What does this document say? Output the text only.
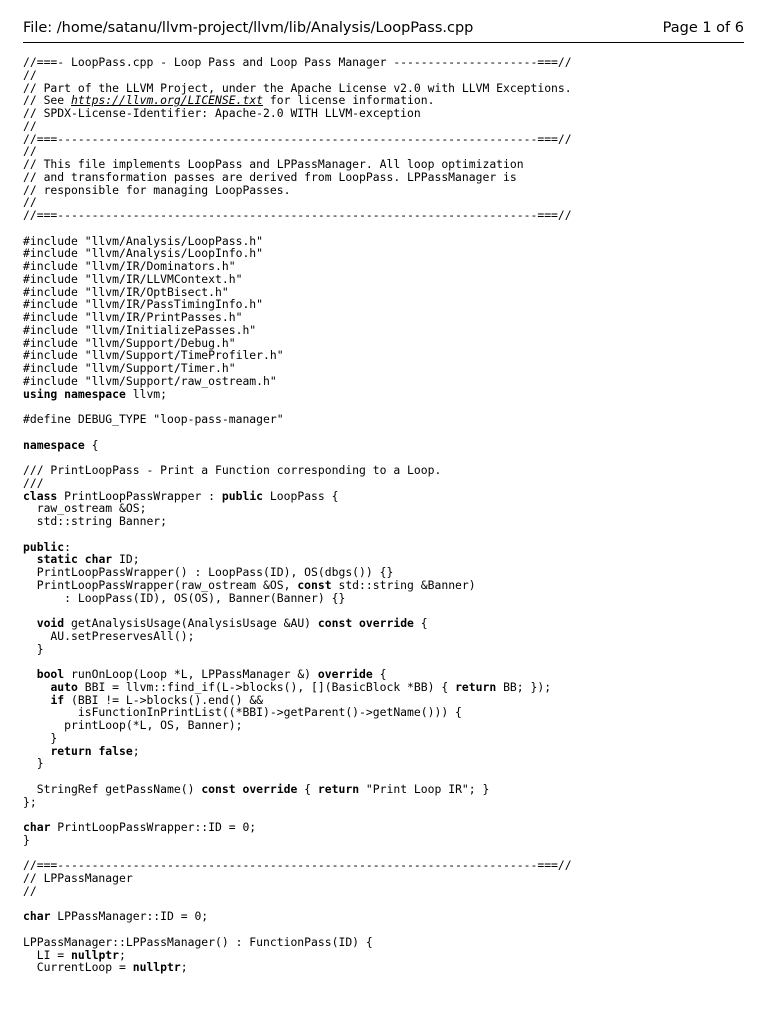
File: /home/satanu/llvm-project/llvm/lib/Analysis/LoopPass.cpp	Page 1 of 6
//===- LoopPass.cpp - Loop Pass and Loop Pass Manager ---------------------===//
//
// Part of the LLVM Project, under the Apache License v2.0 with LLVM Exceptions.
// See https://llvm.org/LICENSE.txt for license information.
// SPDX-License-Identifier: Apache-2.0 WITH LLVM-exception
//
//===----------------------------------------------------------------------===//
//
// This file implements LoopPass and LPPassManager. All loop optimization
// and transformation passes are derived from LoopPass. LPPassManager is
// responsible for managing LoopPasses.
//
//===----------------------------------------------------------------------===//

#include "llvm/Analysis/LoopPass.h"
#include "llvm/Analysis/LoopInfo.h"
#include "llvm/IR/Dominators.h"
#include "llvm/IR/LLVMContext.h"
#include "llvm/IR/OptBisect.h"
#include "llvm/IR/PassTimingInfo.h"
#include "llvm/IR/PrintPasses.h"
#include "llvm/InitializePasses.h"
#include "llvm/Support/Debug.h"
#include "llvm/Support/TimeProfiler.h"
#include "llvm/Support/Timer.h"
#include "llvm/Support/raw_ostream.h"
using namespace llvm;

#define DEBUG_TYPE "loop-pass-manager"

namespace {

/// PrintLoopPass - Print a Function corresponding to a Loop.
///
class PrintLoopPassWrapper : public LoopPass {
raw_ostream &OS;
std::string Banner;

public:
static char ID;
PrintLoopPassWrapper() : LoopPass(ID), OS(dbgs()) {}
PrintLoopPassWrapper(raw_ostream &OS, const std::string &Banner)
: LoopPass(ID), OS(OS), Banner(Banner) {}

void getAnalysisUsage(AnalysisUsage &AU) const override {
AU.setPreservesAll();
}

bool runOnLoop(Loop *L, LPPassManager &) override {
auto BBI = llvm::find_if(L->blocks(), [](BasicBlock *BB) { return BB; });
if (BBI != L->blocks().end() &&
isFunctionInPrintList((*BBI)->getParent()->getName())) {
printLoop(*L, OS, Banner);
}
return false;
}

StringRef getPassName() const override { return "Print Loop IR"; }
};

char PrintLoopPassWrapper::ID = 0;
}

//===----------------------------------------------------------------------===//
// LPPassManager
//

char LPPassManager::ID = 0;

LPPassManager::LPPassManager() : FunctionPass(ID) {
LI = nullptr;
CurrentLoop = nullptr;
